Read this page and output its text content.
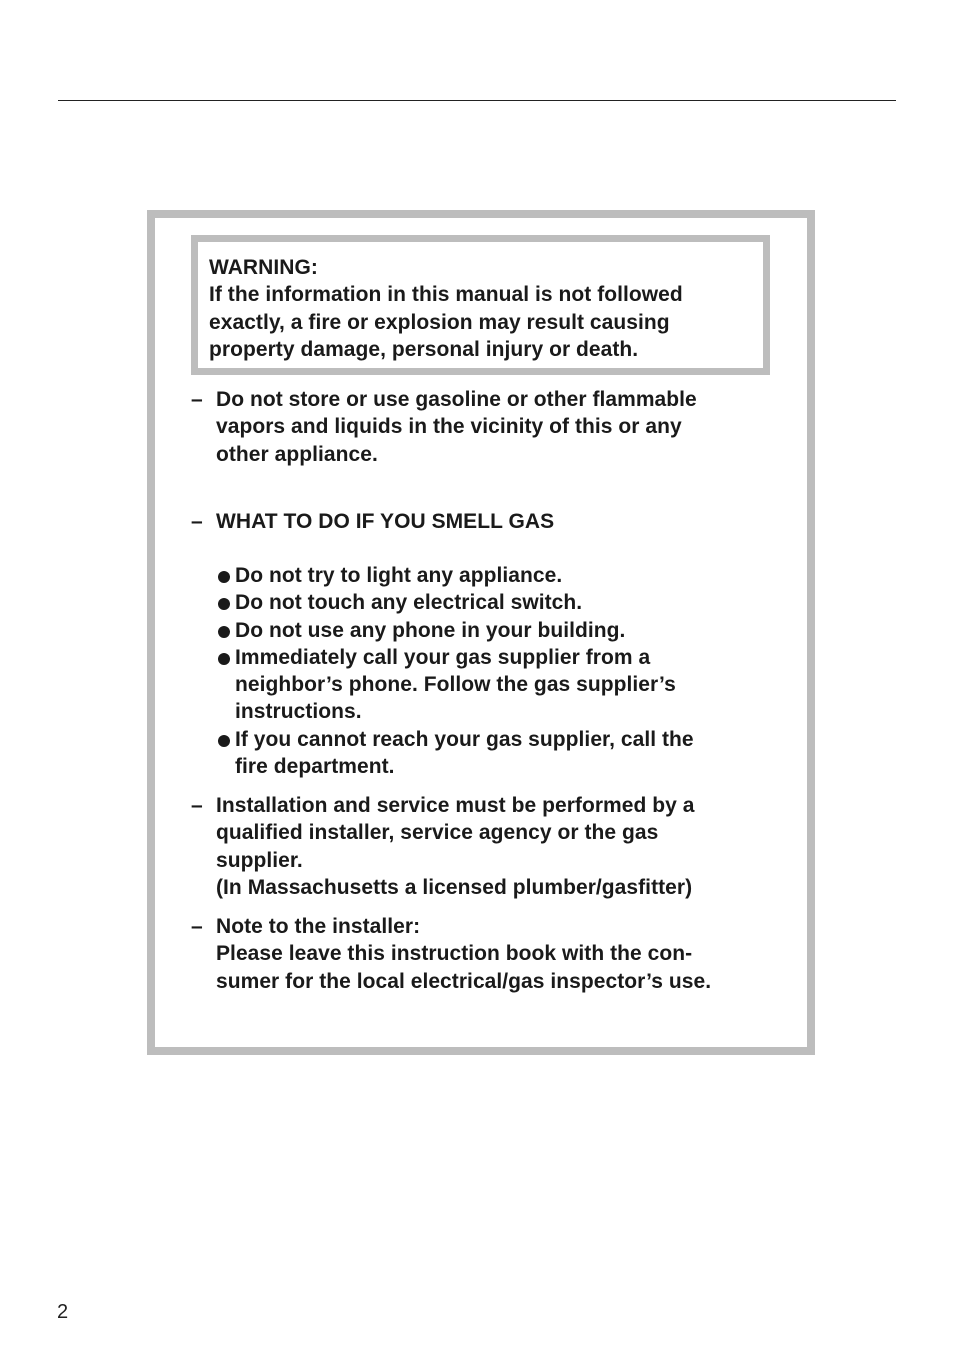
WARNING:
If the information in this manual is not followed
exactly, a fire or explosion may result causing
property damage, personal injury or death.
– Do not store or use gasoline or other flammable
vapors and liquids in the vicinity of this or any
other appliance.
– WHAT TO DO IF YOU SMELL GAS
Do not try to light any appliance.
Do not touch any electrical switch.
Do not use any phone in your building.
Immediately call your gas supplier from a
neighbor’s phone. Follow the gas supplier’s
instructions.
If you cannot reach your gas supplier, call the
fire department.
– Installation and service must be performed by a
qualified installer, service agency or the gas
supplier.
(In Massachusetts a licensed plumber/gasfitter)
– Note to the installer:
Please leave this instruction book with the con-
sumer for the local electrical/gas inspector’s use.
2
